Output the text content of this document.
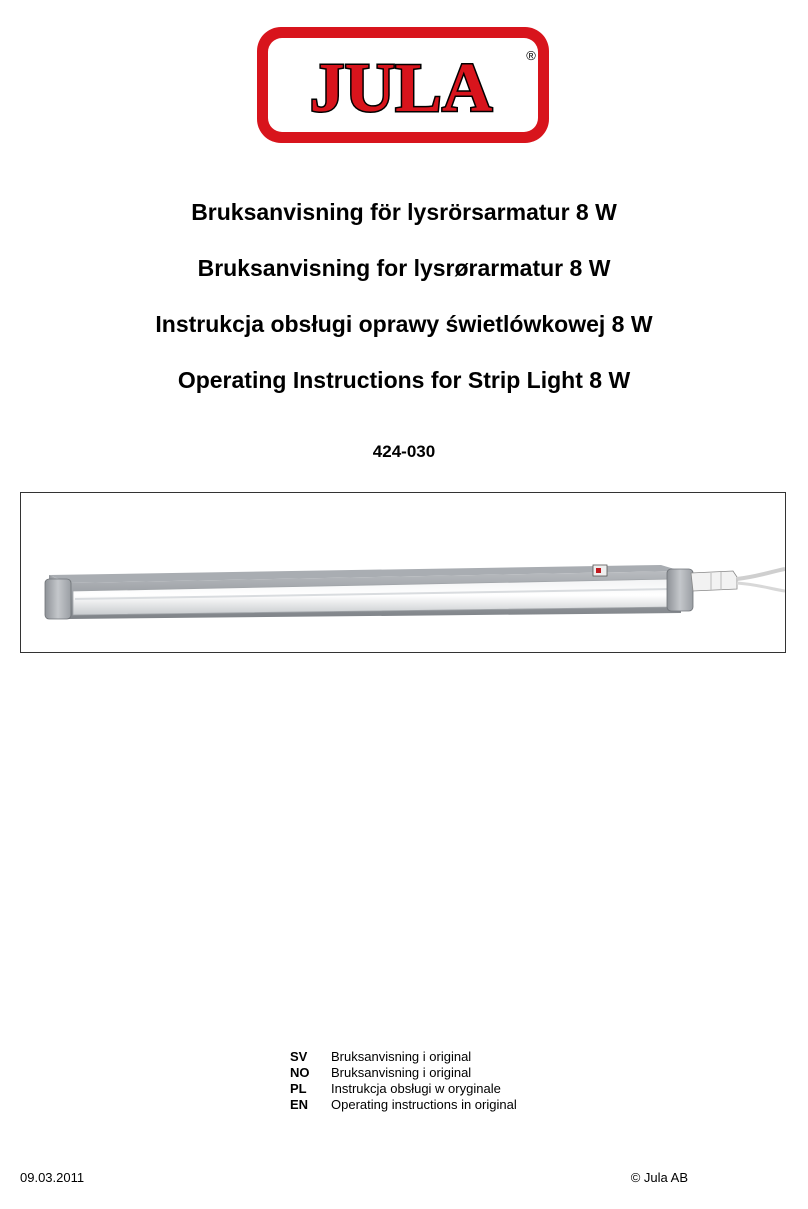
JULA	®
Bruksanvisning för lysrörsarmatur 8 W
Bruksanvisning for lysrørarmatur 8 W
Instrukcja obsługi oprawy świetlówkowej 8 W
Operating Instructions for Strip Light 8 W
424-030
SV	Bruksanvisning i original
NO	Bruksanvisning i original
PL	Instrukcja obsługi w oryginale
EN	Operating instructions in original
09.03.2011	© Jula AB
